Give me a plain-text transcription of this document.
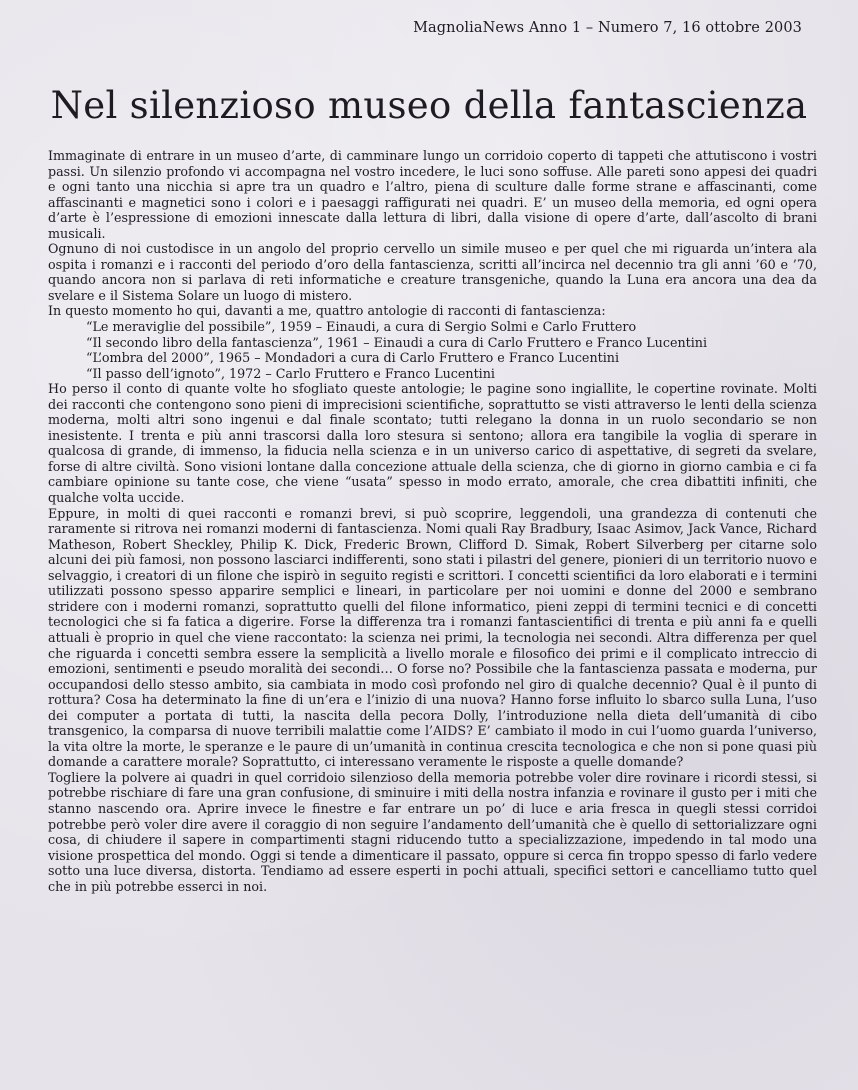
MagnoliaNews Anno 1 – Numero 7, 16 ottobre 2003
Nel silenzioso museo della fantascienza

Immaginate di entrare in un museo d’arte, di camminare lungo un corridoio coperto di tappeti che attutiscono i vostri passi. Un silenzio profondo vi accompagna nel vostro incedere, le luci sono soffuse. Alle pareti sono appesi dei quadri e ogni tanto una nicchia si apre tra un quadro e l’altro, piena di sculture dalle forme strane e affascinanti, come affascinanti e magnetici sono i colori e i paesaggi raffigurati nei quadri. E’ un museo della memoria, ed ogni opera d’arte è l’espressione di emozioni innescate dalla lettura di libri, dalla visione di opere d’arte, dall’ascolto di brani musicali.

Ognuno di noi custodisce in un angolo del proprio cervello un simile museo e per quel che mi riguarda un’intera ala ospita i romanzi e i racconti del periodo d’oro della fantascienza, scritti all’incirca nel decennio tra gli anni ’60 e ’70, quando ancora non si parlava di reti informatiche e creature transgeniche, quando la Luna era ancora una dea da svelare e il Sistema Solare un luogo di mistero.

In questo momento ho qui, davanti a me, quattro antologie di racconti di fantascienza:

“Le meraviglie del possibile”, 1959 – Einaudi, a cura di Sergio Solmi e Carlo Fruttero
“Il secondo libro della fantascienza”, 1961 – Einaudi a cura di Carlo Fruttero e Franco Lucentini
“L’ombra del 2000”, 1965 – Mondadori a cura di Carlo Fruttero e Franco Lucentini
“Il passo dell’ignoto”, 1972 – Carlo Fruttero e Franco Lucentini

Ho perso il conto di quante volte ho sfogliato queste antologie; le pagine sono ingiallite, le copertine rovinate. Molti dei racconti che contengono sono pieni di imprecisioni scientifiche, soprattutto se visti attraverso le lenti della scienza moderna, molti altri sono ingenui e dal finale scontato; tutti relegano la donna in un ruolo secondario se non inesistente. I trenta e più anni trascorsi dalla loro stesura si sentono; allora era tangibile la voglia di sperare in qualcosa di grande, di immenso, la fiducia nella scienza e in un universo carico di aspettative, di segreti da svelare, forse di altre civiltà. Sono visioni lontane dalla concezione attuale della scienza, che di giorno in giorno cambia e ci fa cambiare opinione su tante cose, che viene “usata” spesso in modo errato, amorale, che crea dibattiti infiniti, che qualche volta uccide.

Eppure, in molti di quei racconti e romanzi brevi, si può scoprire, leggendoli, una grandezza di contenuti che raramente si ritrova nei romanzi moderni di fantascienza. Nomi quali Ray Bradbury, Isaac Asimov, Jack Vance, Richard Matheson, Robert Sheckley, Philip K. Dick, Frederic Brown, Clifford D. Simak, Robert Silverberg per citarne solo alcuni dei più famosi, non possono lasciarci indifferenti, sono stati i pilastri del genere, pionieri di un territorio nuovo e selvaggio, i creatori di un filone che ispirò in seguito registi e scrittori. I concetti scientifici da loro elaborati e i termini utilizzati possono spesso apparire semplici e lineari, in particolare per noi uomini e donne del 2000 e sembrano stridere con i moderni romanzi, soprattutto quelli del filone informatico, pieni zeppi di termini tecnici e di concetti tecnologici che si fa fatica a digerire. Forse la differenza tra i romanzi fantascientifici di trenta e più anni fa e quelli attuali è proprio in quel che viene raccontato: la scienza nei primi, la tecnologia nei secondi. Altra differenza per quel che riguarda i concetti sembra essere la semplicità a livello morale e filosofico dei primi e il complicato intreccio di emozioni, sentimenti e pseudo moralità dei secondi… O forse no? Possibile che la fantascienza passata e moderna, pur occupandosi dello stesso ambito, sia cambiata in modo così profondo nel giro di qualche decennio? Qual è il punto di rottura? Cosa ha determinato la fine di un’era e l’inizio di una nuova? Hanno forse influito lo sbarco sulla Luna, l’uso dei computer a portata di tutti, la nascita della pecora Dolly, l’introduzione nella dieta dell’umanità di cibo transgenico, la comparsa di nuove terribili malattie come l’AIDS? E’ cambiato il modo in cui l’uomo guarda l’universo, la vita oltre la morte, le speranze e le paure di un’umanità in continua crescita tecnologica e che non si pone quasi più domande a carattere morale? Soprattutto, ci interessano veramente le risposte a quelle domande?

Togliere la polvere ai quadri in quel corridoio silenzioso della memoria potrebbe voler dire rovinare i ricordi stessi, si potrebbe rischiare di fare una gran confusione, di sminuire i miti della nostra infanzia e rovinare il gusto per i miti che stanno nascendo ora. Aprire invece le finestre e far entrare un po’ di luce e aria fresca in quegli stessi corridoi potrebbe però voler dire avere il coraggio di non seguire l’andamento dell’umanità che è quello di settorializzare ogni cosa, di chiudere il sapere in compartimenti stagni riducendo tutto a specializzazione, impedendo in tal modo una visione prospettica del mondo. Oggi si tende a dimenticare il passato, oppure si cerca fin troppo spesso di farlo vedere sotto una luce diversa, distorta. Tendiamo ad essere esperti in pochi attuali, specifici settori e cancelliamo tutto quel che in più potrebbe esserci in noi.
